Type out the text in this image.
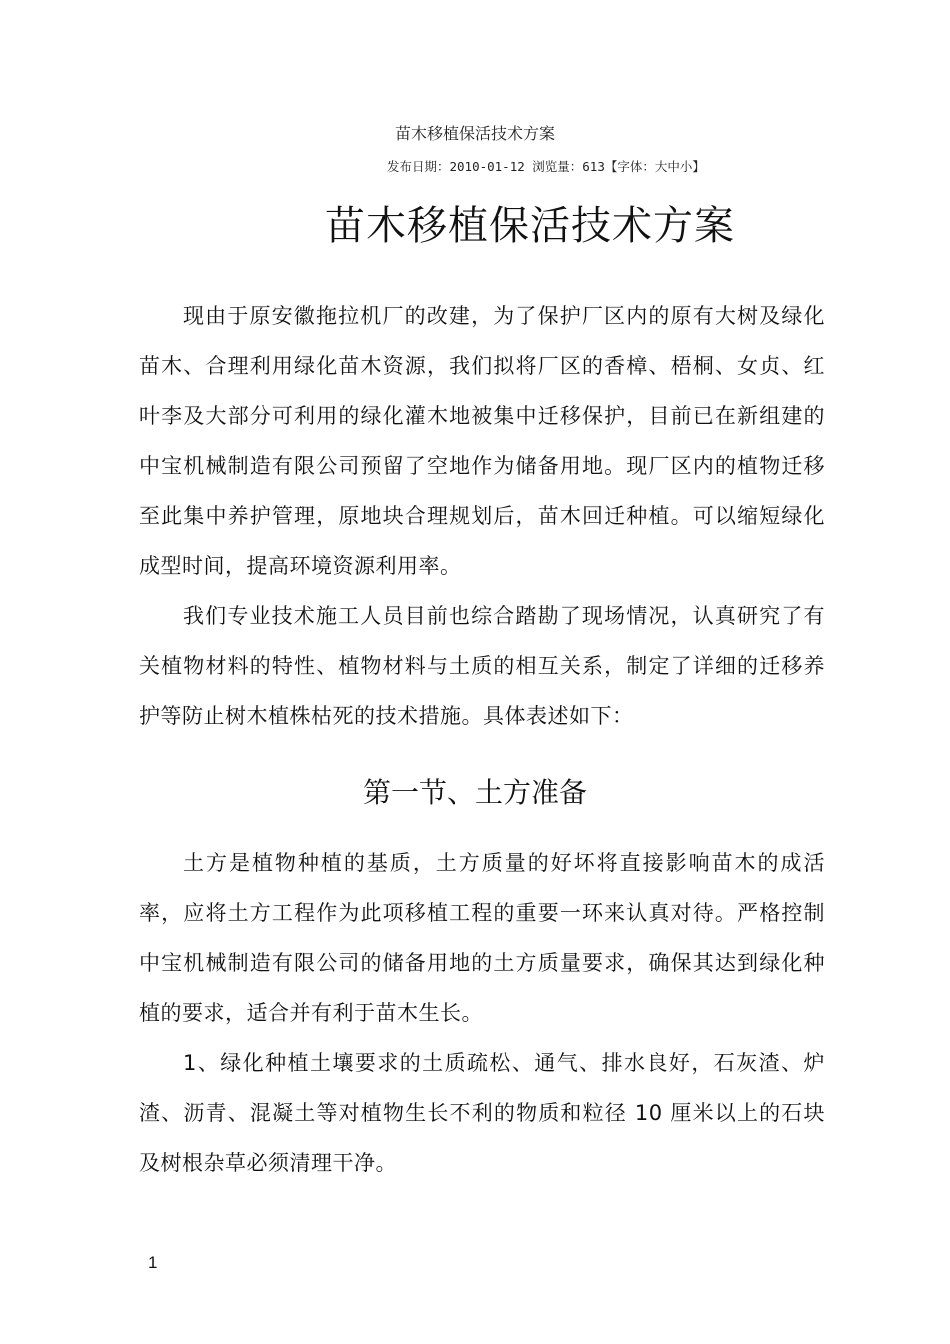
苗木移植保活技术方案
发布日期：2010-01-12 浏览量：613【字体：大中小】
苗木移植保活技术方案

现由于原安徽拖拉机厂的改建，为了保护厂区内的原有大树及绿化苗木、合理利用绿化苗木资源，我们拟将厂区的香樟、梧桐、女贞、红叶李及大部分可利用的绿化灌木地被集中迁移保护，目前已在新组建的中宝机械制造有限公司预留了空地作为储备用地。现厂区内的植物迁移至此集中养护管理，原地块合理规划后，苗木回迁种植。可以缩短绿化成型时间，提高环境资源利用率。

我们专业技术施工人员目前也综合踏勘了现场情况，认真研究了有关植物材料的特性、植物材料与土质的相互关系，制定了详细的迁移养护等防止树木植株枯死的技术措施。具体表述如下：

第一节、土方准备

土方是植物种植的基质，土方质量的好坏将直接影响苗木的成活率，应将土方工程作为此项移植工程的重要一环来认真对待。严格控制中宝机械制造有限公司的储备用地的土方质量要求，确保其达到绿化种植的要求，适合并有利于苗木生长。

1、绿化种植土壤要求的土质疏松、通气、排水良好，石灰渣、炉渣、沥青、混凝土等对植物生长不利的物质和粒径 10 厘米以上的石块及树根杂草必须清理干净。

1
